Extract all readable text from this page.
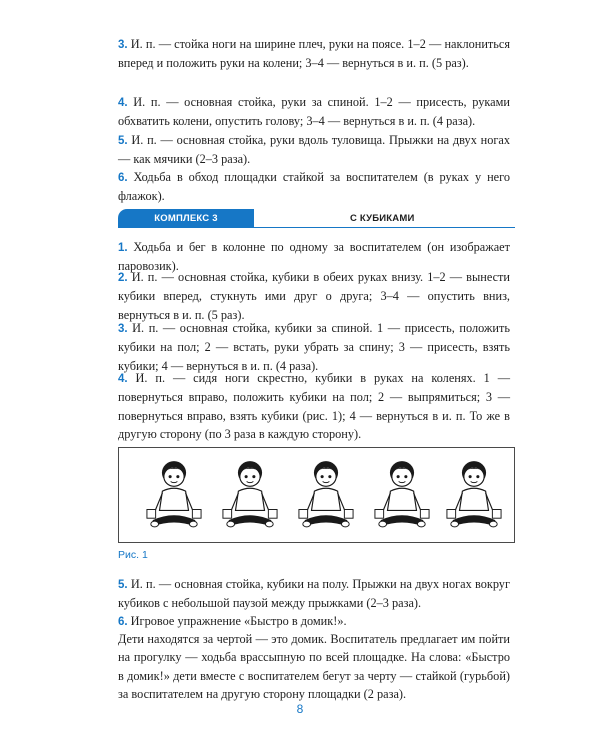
3. И. п. — стойка ноги на ширине плеч, руки на поясе. 1–2 — наклониться вперед и положить руки на колени; 3–4 — вернуться в и. п. (5 раз).

4. И. п. — основная стойка, руки за спиной. 1–2 — присесть, руками обхватить колени, опустить голову; 3–4 — вернуться в и. п. (4 раза).

5. И. п. — основная стойка, руки вдоль туловища. Прыжки на двух ногах — как мячики (2–3 раза).

6. Ходьба в обход площадки стайкой за воспитателем (в руках у него флажок).

КОМПЛЕКС 3	С КУБИКАМИ

1. Ходьба и бег в колонне по одному за воспитателем (он изображает паровозик).

2. И. п. — основная стойка, кубики в обеих руках внизу. 1–2 — вынести кубики вперед, стукнуть ими друг о друга; 3–4 — опустить вниз, вернуться в и. п. (5 раз).

3. И. п. — основная стойка, кубики за спиной. 1 — присесть, положить кубики на пол; 2 — встать, руки убрать за спину; 3 — присесть, взять кубики; 4 — вернуться в и. п. (4 раза).

4. И. п. — сидя ноги скрестно, кубики в руках на коленях. 1 — повернуться вправо, положить кубики на пол; 2 — выпрямиться; 3 — повернуться вправо, взять кубики (рис. 1); 4 — вернуться в и. п. То же в другую сторону (по 3 раза в каждую сторону).

Рис. 1

5. И. п. — основная стойка, кубики на полу. Прыжки на двух ногах вокруг кубиков с небольшой паузой между прыжками (2–3 раза).

6. Игровое упражнение «Быстро в домик!».

Дети находятся за чертой — это домик. Воспитатель предлагает им пойти на прогулку — ходьба врассыпную по всей площадке. На слова: «Быстро в домик!» дети вместе с воспитателем бегут за черту — стайкой (гурьбой) за воспитателем на другую сторону площадки (2 раза).

8
